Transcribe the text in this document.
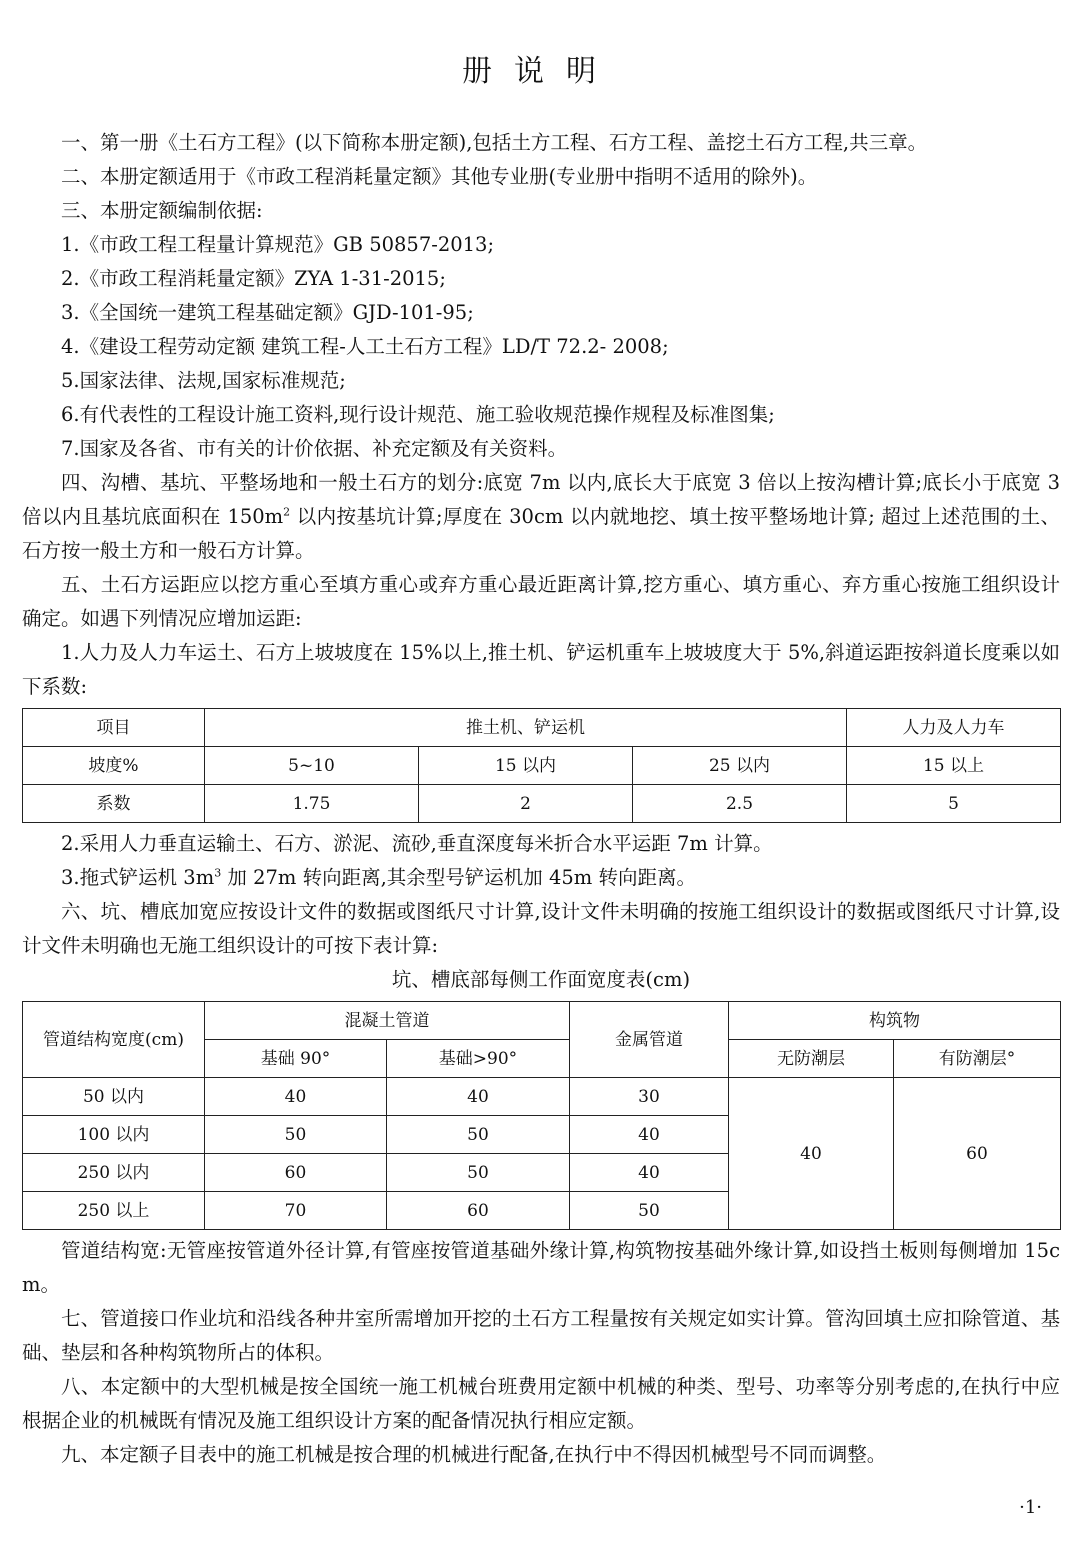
册说明

一、第一册《土石方工程》(以下简称本册定额),包括土方工程、石方工程、盖挖土石方工程,共三章。

二、本册定额适用于《市政工程消耗量定额》其他专业册(专业册中指明不适用的除外)。

三、本册定额编制依据:

1.《市政工程工程量计算规范》GB 50857-2013;

2.《市政工程消耗量定额》ZYA 1-31-2015;

3.《全国统一建筑工程基础定额》GJD-101-95;

4.《建设工程劳动定额 建筑工程-人工土石方工程》LD/T 72.2- 2008;

5.国家法律、法规,国家标准规范;

6.有代表性的工程设计施工资料,现行设计规范、施工验收规范操作规程及标准图集;

7.国家及各省、市有关的计价依据、补充定额及有关资料。

四、沟槽、基坑、平整场地和一般土石方的划分:底宽 7m 以内,底长大于底宽 3 倍以上按沟槽计算;底长小于底宽 3 倍以内且基坑底面积在 $150m^2$ 以内按基坑计算;厚度在 30cm 以内就地挖、填土按平整场地计算; 超过上述范围的土、石方按一般土方和一般石方计算。

五、土石方运距应以挖方重心至填方重心或弃方重心最近距离计算,挖方重心、填方重心、弃方重心按施工组织设计确定。如遇下列情况应增加运距:

1.人力及人力车运土、石方上坡坡度在 15%以上,推土机、铲运机重车上坡坡度大于 5%,斜道运距按斜道长度乘以如下系数:

项目	推土机、铲运机			人力及人力车
坡度%	5~10	15 以内	25 以内	15 以上
系数	1.75	2	2.5	5

2.采用人力垂直运输土、石方、淤泥、流砂,垂直深度每米折合水平运距 7m 计算。

3.拖式铲运机 $3m^3$ 加 27m 转向距离,其余型号铲运机加 45m 转向距离。

六、坑、槽底加宽应按设计文件的数据或图纸尺寸计算,设计文件未明确的按施工组织设计的数据或图纸尺寸计算,设计文件未明确也无施工组织设计的可按下表计算:

坑、槽底部每侧工作面宽度表(cm)

管道结构宽度(cm)	混凝土管道		金属管道	构筑物	
	基础 90°	基础>90°		无防潮层	有防潮层°
50 以内	40	40	30	40	60
100 以内	50	50	40		
250 以内	60	50	40		
250 以上	70	60	50		

管道结构宽:无管座按管道外径计算,有管座按管道基础外缘计算,构筑物按基础外缘计算,如设挡土板则每侧增加 15cm。

七、管道接口作业坑和沿线各种井室所需增加开挖的土石方工程量按有关规定如实计算。管沟回填土应扣除管道、基础、垫层和各种构筑物所占的体积。

八、本定额中的大型机械是按全国统一施工机械台班费用定额中机械的种类、型号、功率等分别考虑的,在执行中应根据企业的机械既有情况及施工组织设计方案的配备情况执行相应定额。

九、本定额子目表中的施工机械是按合理的机械进行配备,在执行中不得因机械型号不同而调整。

·1·
